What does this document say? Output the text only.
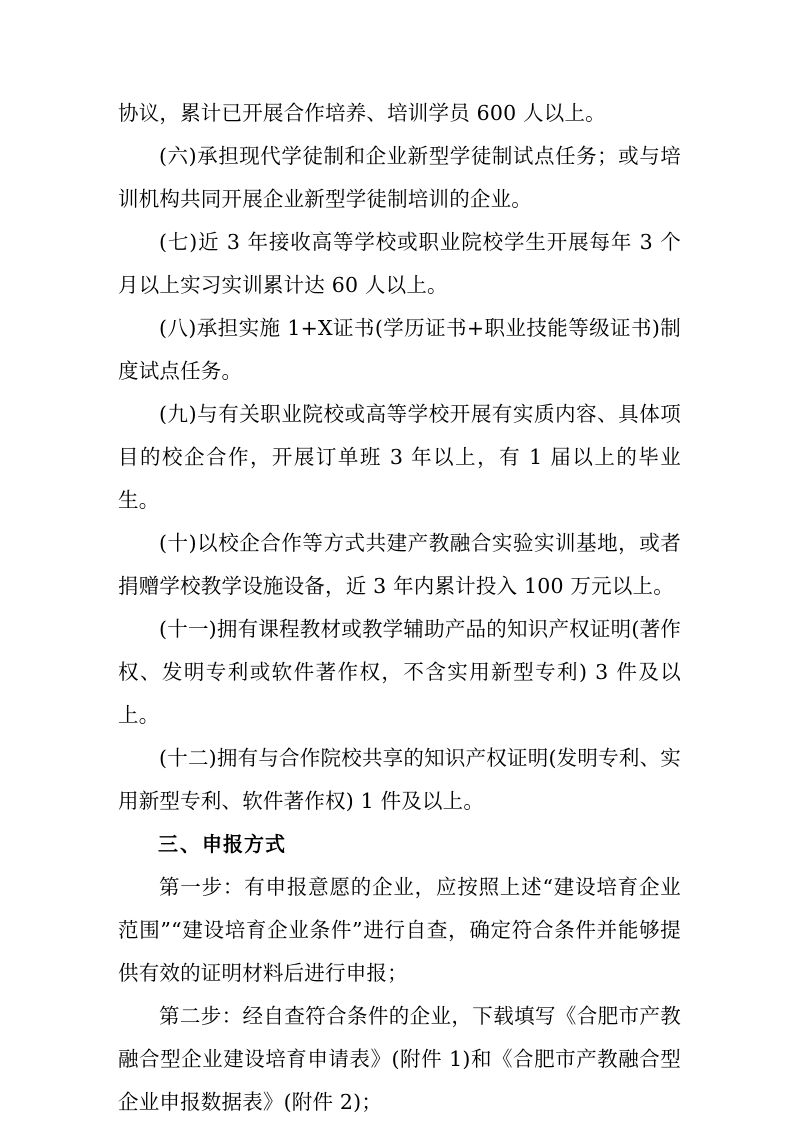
协议，累计已开展合作培养、培训学员 600 人以上。

(六)承担现代学徒制和企业新型学徒制试点任务；或与培训机构共同开展企业新型学徒制培训的企业。

(七)近 3 年接收高等学校或职业院校学生开展每年 3 个月以上实习实训累计达 60 人以上。

(八)承担实施 1+X证书(学历证书+职业技能等级证书)制度试点任务。

(九)与有关职业院校或高等学校开展有实质内容、具体项目的校企合作，开展订单班 3 年以上，有 1 届以上的毕业生。

(十)以校企合作等方式共建产教融合实验实训基地，或者捐赠学校教学设施设备，近 3 年内累计投入 100 万元以上。

(十一)拥有课程教材或教学辅助产品的知识产权证明(著作权、发明专利或软件著作权，不含实用新型专利) 3 件及以上。

(十二)拥有与合作院校共享的知识产权证明(发明专利、实用新型专利、软件著作权) 1 件及以上。

三、申报方式

第一步：有申报意愿的企业，应按照上述“建设培育企业范围”“建设培育企业条件”进行自查，确定符合条件并能够提供有效的证明材料后进行申报；

第二步：经自查符合条件的企业，下载填写《合肥市产教融合型企业建设培育申请表》(附件 1)和《合肥市产教融合型企业申报数据表》(附件 2)；
